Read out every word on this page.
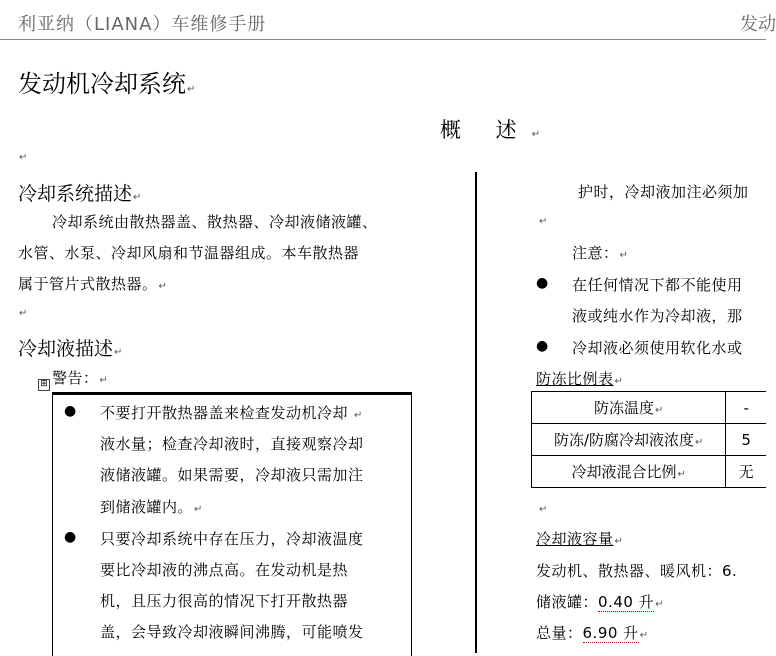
利亚纳（LIANA）车维修手册	发动
发动机冷却系统↵
概 述↵
↵
冷却系统描述↵
冷却系统由散热器盖、散热器、冷却液储液罐、
水管、水泵、冷却风扇和节温器组成。本车散热器
属于管片式散热器。↵
↵
冷却液描述↵
⊞ 警告：↵
● 不要打开散热器盖来检查发动机冷却 ↵
液水量；检查冷却液时，直接观察冷却
液储液罐。如果需要，冷却液只需加注
到储液罐内。↵
● 只要冷却系统中存在压力，冷却液温度
要比冷却液的沸点高。在发动机是热
机，且压力很高的情况下打开散热器
盖，会导致冷却液瞬间沸腾，可能喷发
护时，冷却液加注必须加
↵
注意：↵
● 在任何情况下都不能使用
液或纯水作为冷却液，那
● 冷却液必须使用软化水或
防冻比例表↵
防冻温度↵	-
防冻/防腐冷却液浓度↵	5
冷却液混合比例↵	无
↵
冷却液容量↵
发动机、散热器、暖风机：6.
储液罐：0.40 升↵
总量：6.90 升↵
